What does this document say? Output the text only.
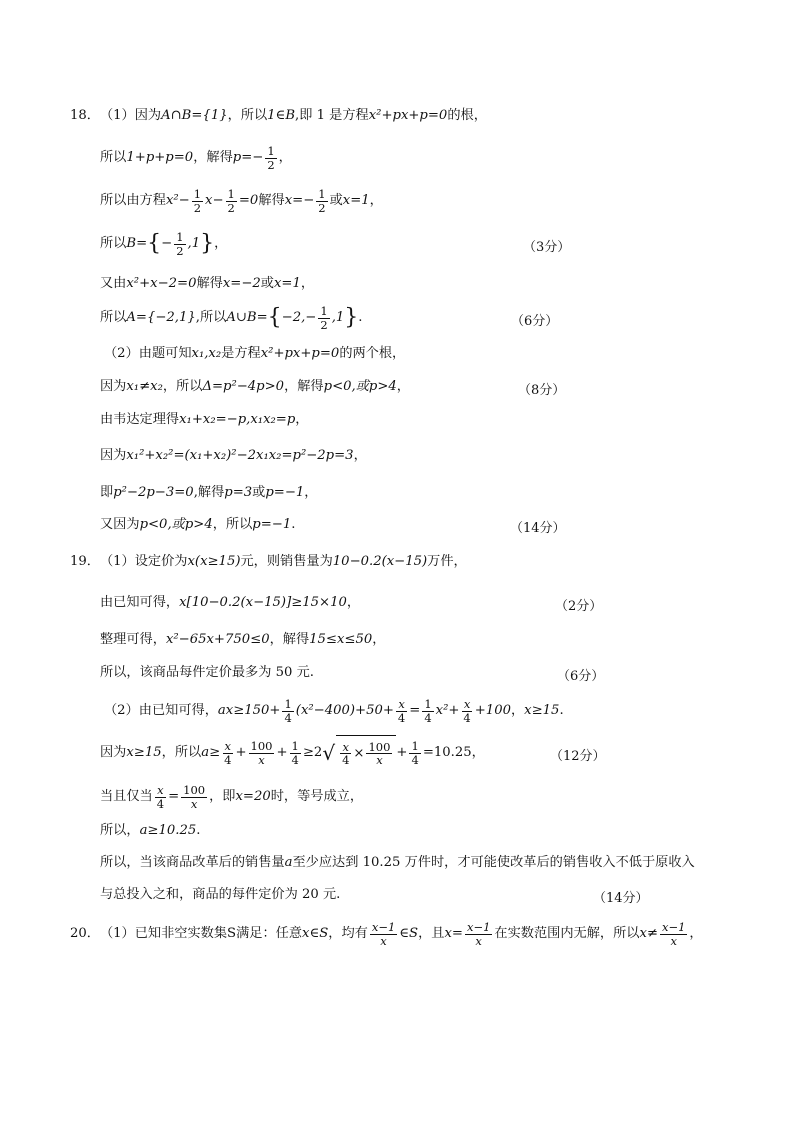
18． （1）因为 A∩B={1} ，所以 1∈B ,即 1 是方程 x²+px+p=0 的根，
所以 1+p+p=0 ，解得 $p=- \frac{1}{2}$ ，
所以由方程 $x^2- \frac{1}{2} x- \frac{1}{2} =0$ 解得 $x=- \frac{1}{2}$ 或 x=1 ，
所以 B= { − $\frac{1}{2} ,1$ } ，	（3分）
又由 x²+x−2=0 解得 x=−2 或 x=1 ，
所以 A={−2,1} ,所以 A∪B= { $-2,- \frac{1}{2} ,1$ } .	（6分）
（2）由题可知 x₁,x₂ 是方程 x²+px+p=0 的两个根，
因为 x₁≠x₂ ，所以 Δ=p²−4p>0 ，解得 p<0,或p>4 ，	（8分）
由韦达定理得 x₁+x₂=−p,x₁x₂=p ，
因为 x₁²+x₂²=(x₁+x₂)²−2x₁x₂=p²−2p=3 ，
即 p²−2p−3=0 ,解得 p=3 或 p=−1 ，
又因为 p<0,或p>4 ，所以 p=−1 .	（14分）
19． （1）设定价为 x(x≥15) 元，则销售量为 10−0.2(x−15) 万件，
由已知可得， x[10−0.2(x−15)]≥15×10 ，	（2分）
整理可得， x²−65x+750≤0 ，解得 15≤x≤50 ，
所以，该商品每件定价最多为 50 元.	（6分）
（2）由已知可得， $ax\ge 150+ \frac{1}{4} (x^2-400)+50+ \frac{x}{4} = \frac{1}{4} x^2+ \frac{x}{4} +100$ ， x≥15 .
因为 x≥15 ，所以 $a\ge \frac{x}{4} + \frac{100}{x} + \frac{1}{4} \ge 2$ √ $\frac{x}{4} \times \frac{100}{x} + \frac{1}{4} =10.25$ ，	（12分）
当且仅当 $\frac{x}{4} = \frac{100}{x}$ ，即 x=20 时，等号成立，
所以， a≥10.25 .
所以，当该商品改革后的销售量 a 至少应达到 10.25 万件时，才可能使改革后的销售收入不低于原收入
与总投入之和，商品的每件定价为 20 元.	（14分）
20． （1）已知非空实数集S满足：任意 x∈S ，均有 $\frac{x-1}{x}$ ∈S ，且 $x= \frac{x-1}{x}$ 在实数范围内无解，所以 $x\ne \frac{x-1}{x}$ ，
